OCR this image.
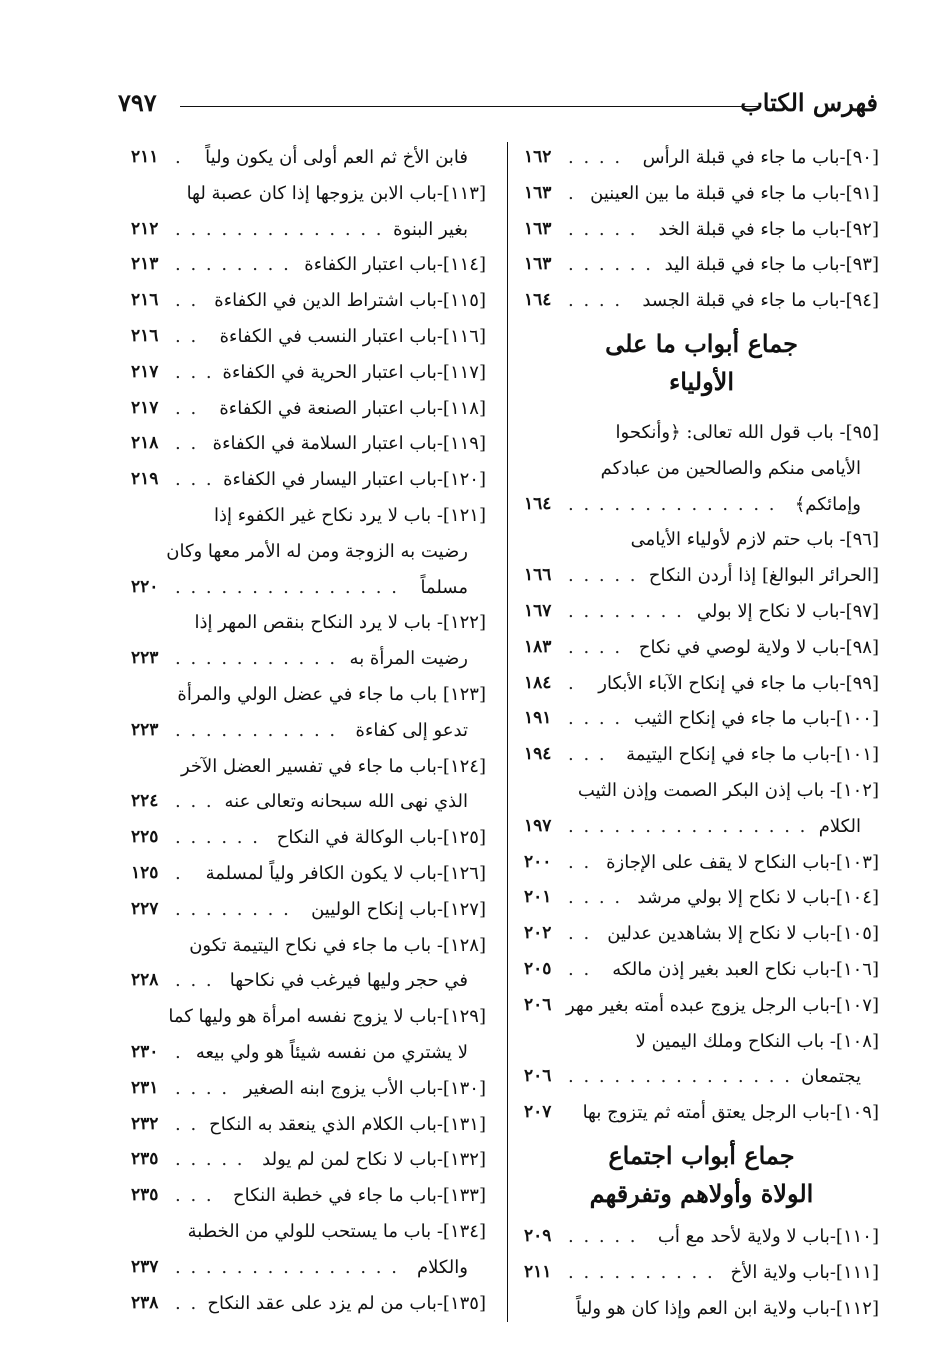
فهرس الكتاب
٧٩٧
[٩٠]-باب ما جاء في قبلة الرأس
. . . .
١٦٢
[٩١]-باب ما جاء في قبلة ما بين العينين
.
١٦٣
[٩٢]-باب ما جاء في قبلة الخد
. . . . .
١٦٣
[٩٣]-باب ما جاء في قبلة اليد
. . . . . .
١٦٣
[٩٤]-باب ما جاء في قبلة الجسد
. . . .
١٦٤
جماع أبواب ما على
الأولياء
[٩٥]- باب قول الله تعالى: ﴿وأنكحوا
الأيامى منكم والصالحين من عبادكم
وإمائكم﴾
. . . . . . . . . . . . . .
١٦٤
[٩٦]- باب حتم لازم لأولياء الأيامى
[الحرائر البوالغ] إذا أردن النكاح
. . . . .
١٦٦
[٩٧]-باب لا نكاح إلا بولي
. . . . . . . .
١٦٧
[٩٨]-باب لا ولاية لوصي في نكاح
. . . .
١٨٣
[٩٩]-باب ما جاء في إنكاح الآباء الأبكار
.
١٨٤
[١٠٠]-باب ما جاء في إنكاح الثيب
. . . .
١٩١
[١٠١]-باب ما جاء في إنكاح اليتيمة
. . .
١٩٤
[١٠٢]- باب إذن البكر الصمت وإذن الثيب
الكلام
. . . . . . . . . . . . . . . .
١٩٧
[١٠٣]-باب النكاح لا يقف على الإجازة
. .
٢٠٠
[١٠٤]-باب لا نكاح إلا بولي مرشد
. . . .
٢٠١
[١٠٥]-باب لا نكاح إلا بشاهدين عدلين
. .
٢٠٢
[١٠٦]-باب نكاح العبد بغير إذن مالكه
. .
٢٠٥
[١٠٧]-باب الرجل يزوج عبده أمته بغير مهر
٢٠٦
[١٠٨]- باب النكاح وملك اليمين لا
يجتمعان
. . . . . . . . . . . . . . .
٢٠٦
[١٠٩]-باب الرجل يعتق أمته ثم يتزوج بها
٢٠٧
جماع أبواب اجتماع
الولاة وأولاهم وتفرقهم
[١١٠]-باب لا ولاية لأحد مع أب
. . . . .
٢٠٩
[١١١]-باب ولاية الأخ
. . . . . . . . . .
٢١١
[١١٢]-باب ولاية ابن العم وإذا كان هو ولياً
فابن الأخ ثم العم أولى أن يكون ولياً
.
٢١١
[١١٣]-باب الابن يزوجها إذا كان عصبة لها
بغير البنوة
. . . . . . . . . . . . . .
٢١٢
[١١٤]-باب اعتبار الكفاءة
. . . . . . . .
٢١٣
[١١٥]-باب اشتراط الدين في الكفاءة
. .
٢١٦
[١١٦]-باب اعتبار النسب في الكفاءة
. .
٢١٦
[١١٧]-باب اعتبار الحرية في الكفاءة
. . .
٢١٧
[١١٨]-باب اعتبار الصنعة في الكفاءة
. .
٢١٧
[١١٩]-باب اعتبار السلامة في الكفاءة
. .
٢١٨
[١٢٠]-باب اعتبار اليسار في الكفاءة
. . .
٢١٩
[١٢١]- باب لا يرد نكاح غير الكفوء إذا
رضيت به الزوجة ومن له الأمر معها وكان
مسلماً
. . . . . . . . . . . . . . .
٢٢٠
[١٢٢]- باب لا يرد النكاح بنقص المهر إذا
رضيت المرأة به
. . . . . . . . . . .
٢٢٣
[١٢٣] باب ما جاء في عضل الولي والمرأة
تدعو إلى كفاءة
. . . . . . . . . . .
٢٢٣
[١٢٤]-باب ما جاء في تفسير العضل الآخر
الذي نهى الله سبحانه وتعالى عنه
. . .
٢٢٤
[١٢٥]-باب الوكالة في النكاح
. . . . . .
٢٢٥
[١٢٦]-باب لا يكون الكافر ولياً لمسلمة
.
١٢٥
[١٢٧]-باب إنكاح الوليين
. . . . . . . .
٢٢٧
[١٢٨]- باب ما جاء في نكاح اليتيمة تكون
في حجر وليها فيرغب في نكاحها
. . .
٢٢٨
[١٢٩]-باب لا يزوج نفسه امرأة هو وليها كما
لا يشتري من نفسه شيئاً هو ولي بيعه
.
٢٣٠
[١٣٠]-باب الأب يزوج ابنه الصغير
. . . .
٢٣١
[١٣١]-باب الكلام الذي ينعقد به النكاح
. .
٢٣٢
[١٣٢]-باب لا نكاح لمن لم يولد
. . . . .
٢٣٥
[١٣٣]-باب ما جاء في خطبة النكاح
. . .
٢٣٥
[١٣٤]- باب ما يستحب للولي من الخطبة
والكلام
. . . . . . . . . . . . . . .
٢٣٧
[١٣٥]-باب من لم يزد على عقد النكاح
. .
٢٣٨
